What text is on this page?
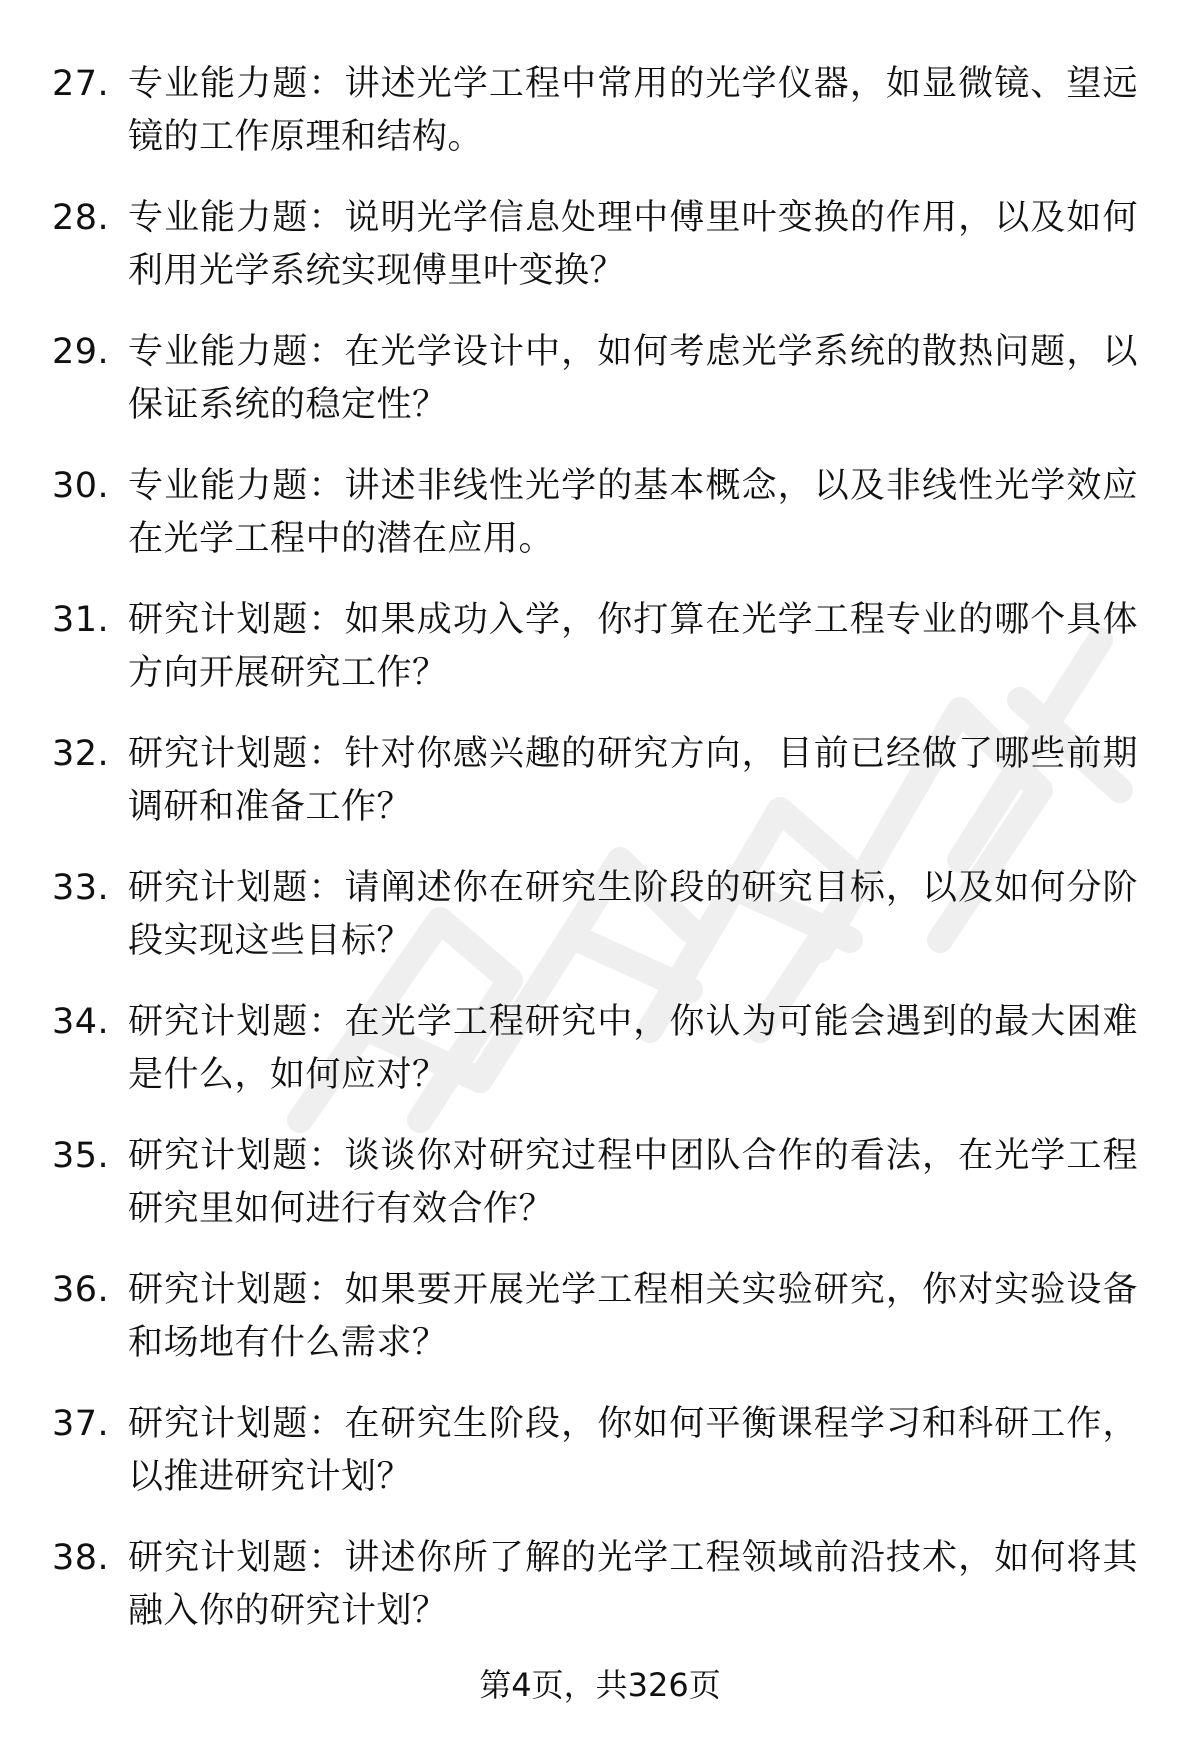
27. 专业能力题：讲述光学工程中常用的光学仪器，如显微镜、望远镜的工作原理和结构。
28. 专业能力题：说明光学信息处理中傅里叶变换的作用，以及如何利用光学系统实现傅里叶变换？
29. 专业能力题：在光学设计中，如何考虑光学系统的散热问题，以保证系统的稳定性？
30. 专业能力题：讲述非线性光学的基本概念，以及非线性光学效应在光学工程中的潜在应用。
31. 研究计划题：如果成功入学，你打算在光学工程专业的哪个具体方向开展研究工作？
32. 研究计划题：针对你感兴趣的研究方向，目前已经做了哪些前期调研和准备工作？
33. 研究计划题：请阐述你在研究生阶段的研究目标，以及如何分阶段实现这些目标？
34. 研究计划题：在光学工程研究中，你认为可能会遇到的最大困难是什么，如何应对？
35. 研究计划题：谈谈你对研究过程中团队合作的看法，在光学工程研究里如何进行有效合作？
36. 研究计划题：如果要开展光学工程相关实验研究，你对实验设备和场地有什么需求？
37. 研究计划题：在研究生阶段，你如何平衡课程学习和科研工作，以推进研究计划？
38. 研究计划题：讲述你所了解的光学工程领域前沿技术，如何将其融入你的研究计划？
第4页，共326页
